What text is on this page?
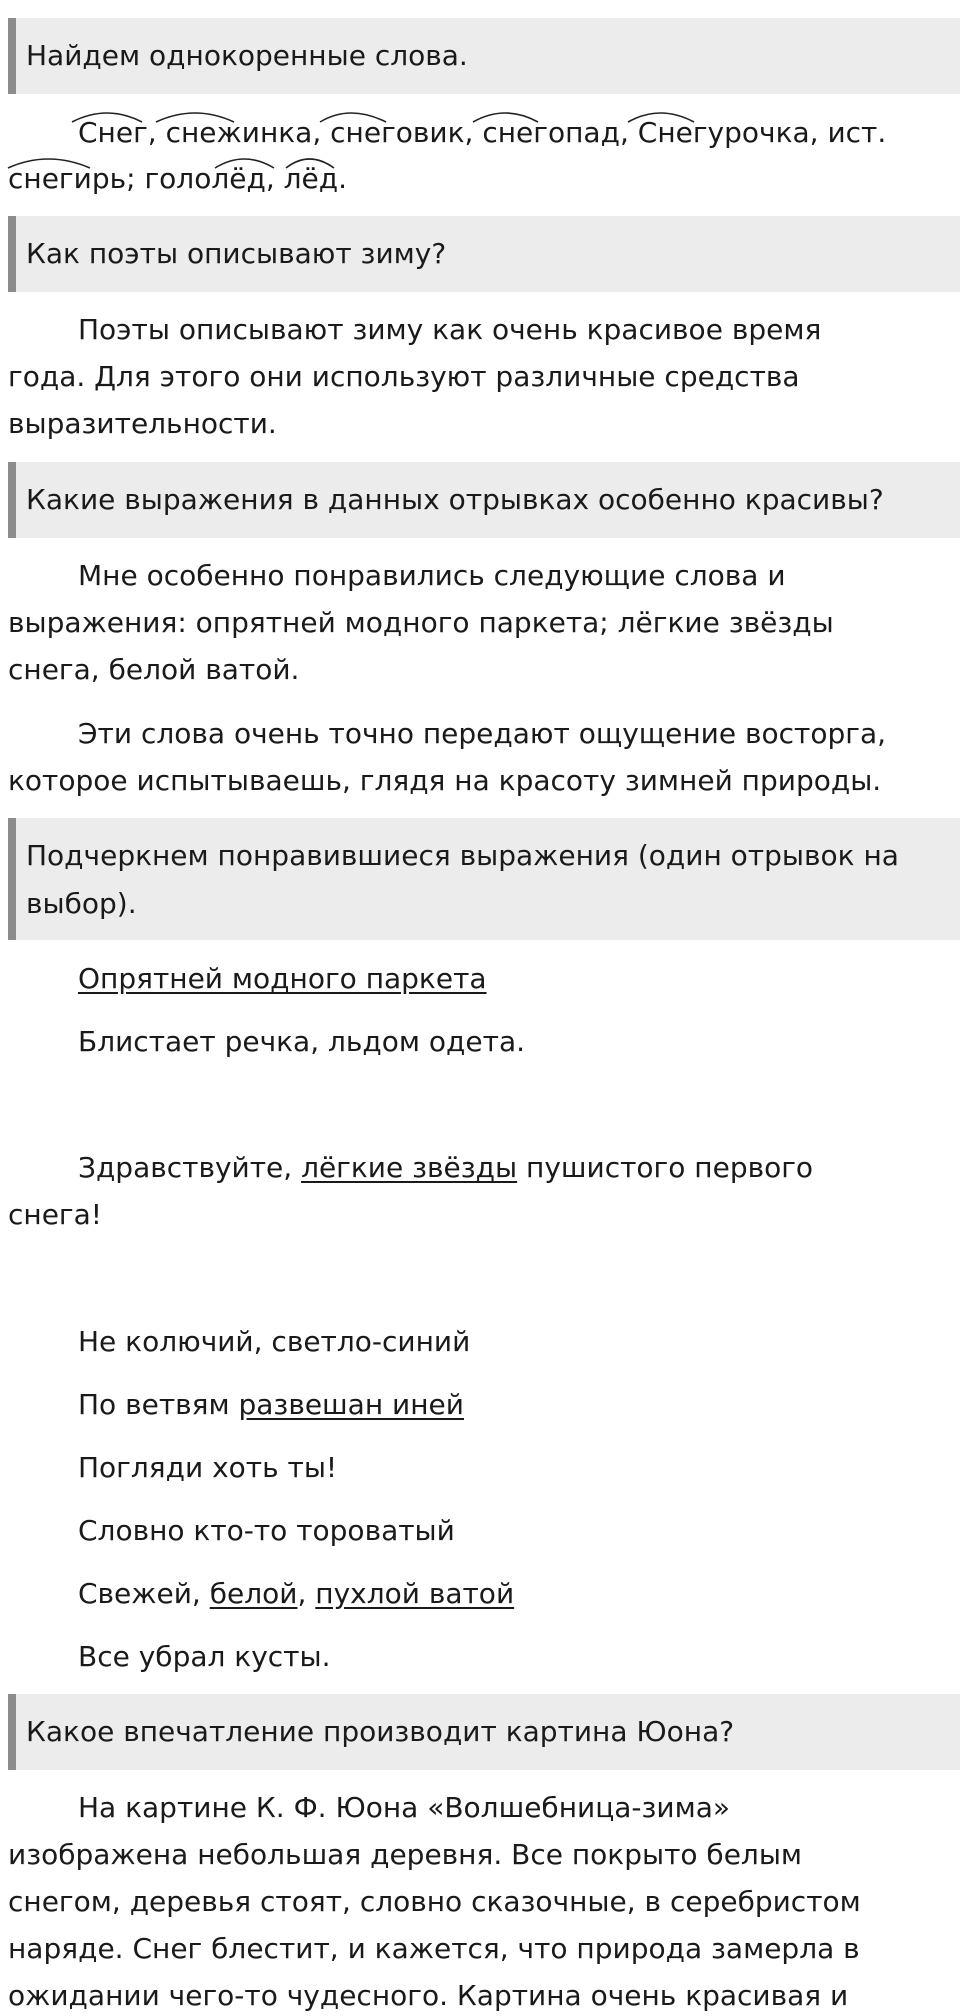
Найдем однокоренные слова.
Снег, снежинка, снеговик, снегопад, Снегурочка, ист.
снегирь; гололёд, лёд.
Как поэты описывают зиму?
Поэты описывают зиму как очень красивое время
года. Для этого они используют различные средства
выразительности.
Какие выражения в данных отрывках особенно красивы?
Мне особенно понравились следующие слова и
выражения: опрятней модного паркета; лёгкие звёзды
снега, белой ватой.
Эти слова очень точно передают ощущение восторга,
которое испытываешь, глядя на красоту зимней природы.
Подчеркнем понравившиеся выражения (один отрывок на
выбор).
Опрятней модного паркета
Блистает речка, льдом одета.
Здравствуйте, лёгкие звёзды пушистого первого
снега!
Не колючий, светло-синий
По ветвям развешан иней
Погляди хоть ты!
Словно кто-то тороватый
Свежей, белой, пухлой ватой
Все убрал кусты.
Какое впечатление производит картина Юона?
На картине К. Ф. Юона «Волшебница-зима»
изображена небольшая деревня. Все покрыто белым
снегом, деревья стоят, словно сказочные, в серебристом
наряде. Снег блестит, и кажется, что природа замерла в
ожидании чего-то чудесного. Картина очень красивая и
